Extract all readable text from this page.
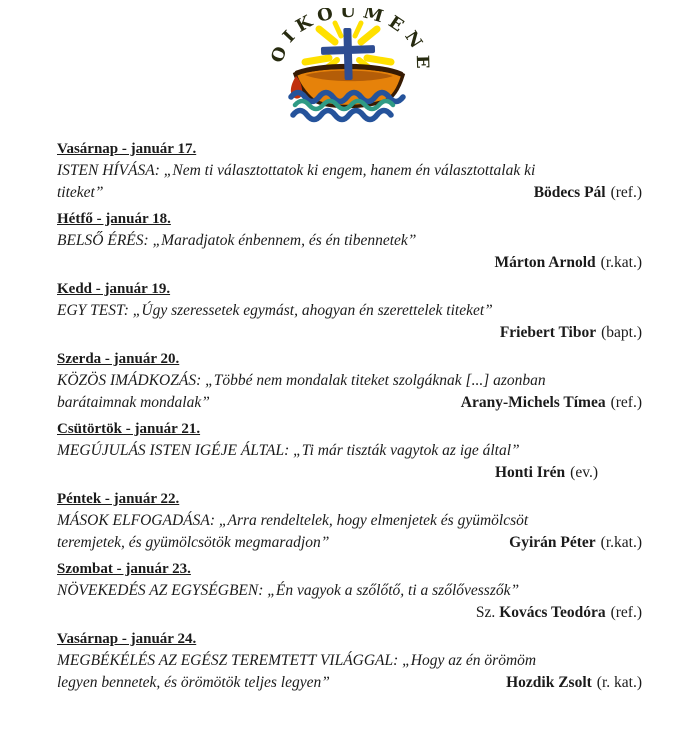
OIKOUMENE
Vasárnap - január 17.

ISTEN HÍVÁSA: „Nem ti választottatok ki engem, hanem én választottalak ki

titeket”	Bödecs Pál (ref.)

Hétfő - január 18.

BELSŐ ÉRÉS: „Maradjatok énbennem, és én tibennetek”

Márton Arnold (r.kat.)

Kedd - január 19.

EGY TEST: „Úgy szeressetek egymást, ahogyan én szerettelek titeket”

Friebert Tibor (bapt.)

Szerda - január 20.

KÖZÖS IMÁDKOZÁS: „Többé nem mondalak titeket szolgáknak [...] azonban

barátaimnak mondalak”	Arany-Michels Tímea (ref.)

Csütörtök - január 21.

MEGÚJULÁS ISTEN IGÉJE ÁLTAL: „Ti már tiszták vagytok az ige által”

Honti Irén (ev.)

Péntek - január 22.

MÁSOK ELFOGADÁSA: „Arra rendeltelek, hogy elmenjetek és gyümölcsöt

teremjetek, és gyümölcsötök megmaradjon”	Gyirán Péter (r.kat.)

Szombat - január 23.

NÖVEKEDÉS AZ EGYSÉGBEN: „Én vagyok a szőlőtő, ti a szőlővesszők”

Sz. Kovács Teodóra (ref.)

Vasárnap - január 24.

MEGBÉKÉLÉS AZ EGÉSZ TEREMTETT VILÁGGAL: „Hogy az én örömöm

legyen bennetek, és örömötök teljes legyen”	Hozdik Zsolt (r. kat.)
